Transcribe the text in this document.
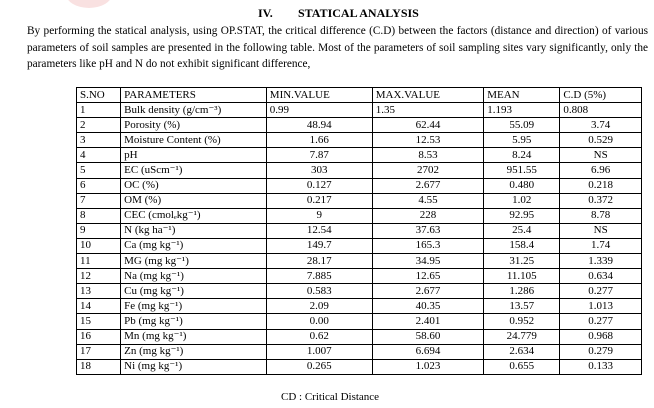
IV. STATICAL ANALYSIS

By performing the statical analysis, using OP.STAT, the critical difference (C.D) between the factors (distance and direction) of various parameters of soil samples are presented in the following table. Most of the parameters of soil sampling sites vary significantly, only the parameters like pH and N do not exhibit significant difference,

S.NO	PARAMETERS	MIN.VALUE	MAX.VALUE	MEAN	C.D (5%)
1	Bulk density (g/cm⁻³)	0.99	1.35	1.193	0.808
2	Porosity (%)	48.94	62.44	55.09	3.74
3	Moisture Content (%)	1.66	12.53	5.95	0.529
4	pH	7.87	8.53	8.24	NS
5	EC (uScm⁻¹)	303	2702	951.55	6.96
6	OC (%)	0.127	2.677	0.480	0.218
7	OM (%)	0.217	4.55	1.02	0.372
8	CEC (cmolₑkg⁻¹)	9	228	92.95	8.78
9	N (kg ha⁻¹)	12.54	37.63	25.4	NS
10	Ca (mg kg⁻¹)	149.7	165.3	158.4	1.74
11	MG (mg kg⁻¹)	28.17	34.95	31.25	1.339
12	Na (mg kg⁻¹)	7.885	12.65	11.105	0.634
13	Cu (mg kg⁻¹)	0.583	2.677	1.286	0.277
14	Fe (mg kg⁻¹)	2.09	40.35	13.57	1.013
15	Pb (mg kg⁻¹)	0.00	2.401	0.952	0.277
16	Mn (mg kg⁻¹)	0.62	58.60	24.779	0.968
17	Zn (mg kg⁻¹)	1.007	6.694	2.634	0.279
18	Ni (mg kg⁻¹)	0.265	1.023	0.655	0.133
CD : Critical Distance
